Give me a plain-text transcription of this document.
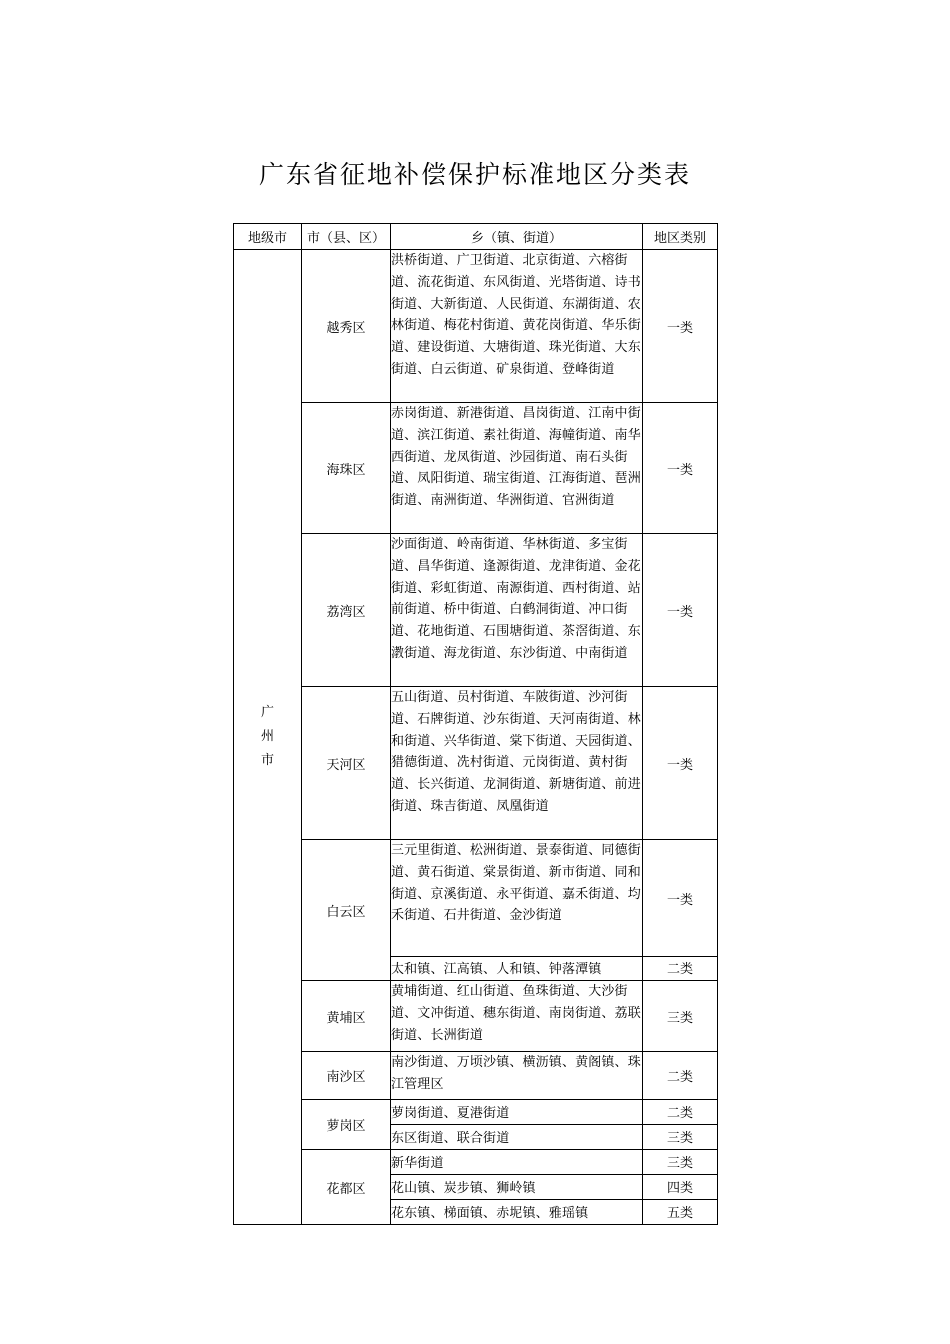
广东省征地补偿保护标准地区分类表
地级市	市（县、区）	乡（镇、街道）	地区类别

广
州
市	越秀区	洪桥街道、广卫街道、北京街道、六榕街道、流花街道、东风街道、光塔街道、诗书街道、大新街道、人民街道、东湖街道、农林街道、梅花村街道、黄花岗街道、华乐街道、建设街道、大塘街道、珠光街道、大东街道、白云街道、矿泉街道、登峰街道	一类
	海珠区	赤岗街道、新港街道、昌岗街道、江南中街道、滨江街道、素社街道、海幢街道、南华西街道、龙凤街道、沙园街道、南石头街道、凤阳街道、瑞宝街道、江海街道、琶洲街道、南洲街道、华洲街道、官洲街道	一类
	荔湾区	沙面街道、岭南街道、华林街道、多宝街道、昌华街道、逢源街道、龙津街道、金花街道、彩虹街道、南源街道、西村街道、站前街道、桥中街道、白鹤洞街道、冲口街道、花地街道、石围塘街道、茶滘街道、东漖街道、海龙街道、东沙街道、中南街道	一类
	天河区	五山街道、员村街道、车陂街道、沙河街道、石牌街道、沙东街道、天河南街道、林和街道、兴华街道、棠下街道、天园街道、猎德街道、冼村街道、元岗街道、黄村街道、长兴街道、龙洞街道、新塘街道、前进街道、珠吉街道、凤凰街道	一类
	白云区	三元里街道、松洲街道、景泰街道、同德街道、黄石街道、棠景街道、新市街道、同和街道、京溪街道、永平街道、嘉禾街道、均禾街道、石井街道、金沙街道	一类
		太和镇、江高镇、人和镇、钟落潭镇	二类
	黄埔区	黄埔街道、红山街道、鱼珠街道、大沙街道、文冲街道、穗东街道、南岗街道、荔联街道、长洲街道	三类
	南沙区	南沙街道、万顷沙镇、横沥镇、黄阁镇、珠江管理区	二类
	萝岗区	萝岗街道、夏港街道	二类
		东区街道、联合街道	三类
	花都区	新华街道	三类
		花山镇、炭步镇、狮岭镇	四类
		花东镇、梯面镇、赤坭镇、雅瑶镇	五类
